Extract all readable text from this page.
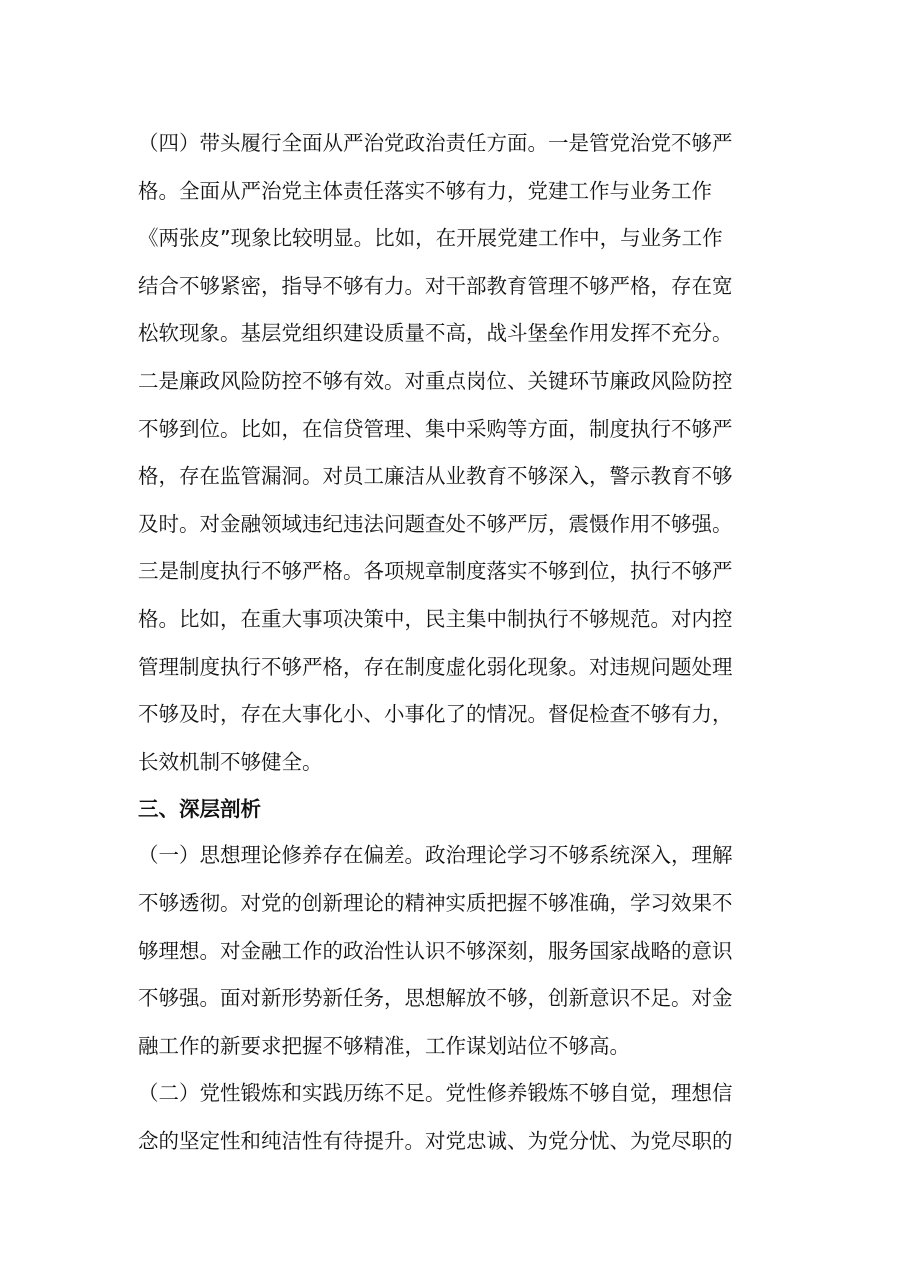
（四）带头履行全面从严治党政治责任方面。一是管党治党不够严
格。全面从严治党主体责任落实不够有力，党建工作与业务工作
《两张皮”现象比较明显。比如，在开展党建工作中，与业务工作
结合不够紧密，指导不够有力。对干部教育管理不够严格，存在宽
松软现象。基层党组织建设质量不高，战斗堡垒作用发挥不充分。
二是廉政风险防控不够有效。对重点岗位、关键环节廉政风险防控
不够到位。比如，在信贷管理、集中采购等方面，制度执行不够严
格，存在监管漏洞。对员工廉洁从业教育不够深入，警示教育不够
及时。对金融领域违纪违法问题查处不够严厉，震慑作用不够强。
三是制度执行不够严格。各项规章制度落实不够到位，执行不够严
格。比如，在重大事项决策中，民主集中制执行不够规范。对内控
管理制度执行不够严格，存在制度虚化弱化现象。对违规问题处理
不够及时，存在大事化小、小事化了的情况。督促检查不够有力，
长效机制不够健全。
三、深层剖析
（一）思想理论修养存在偏差。政治理论学习不够系统深入，理解
不够透彻。对党的创新理论的精神实质把握不够准确，学习效果不
够理想。对金融工作的政治性认识不够深刻，服务国家战略的意识
不够强。面对新形势新任务，思想解放不够，创新意识不足。对金
融工作的新要求把握不够精准，工作谋划站位不够高。
（二）党性锻炼和实践历练不足。党性修养锻炼不够自觉，理想信
念的坚定性和纯洁性有待提升。对党忠诚、为党分忧、为党尽职的
